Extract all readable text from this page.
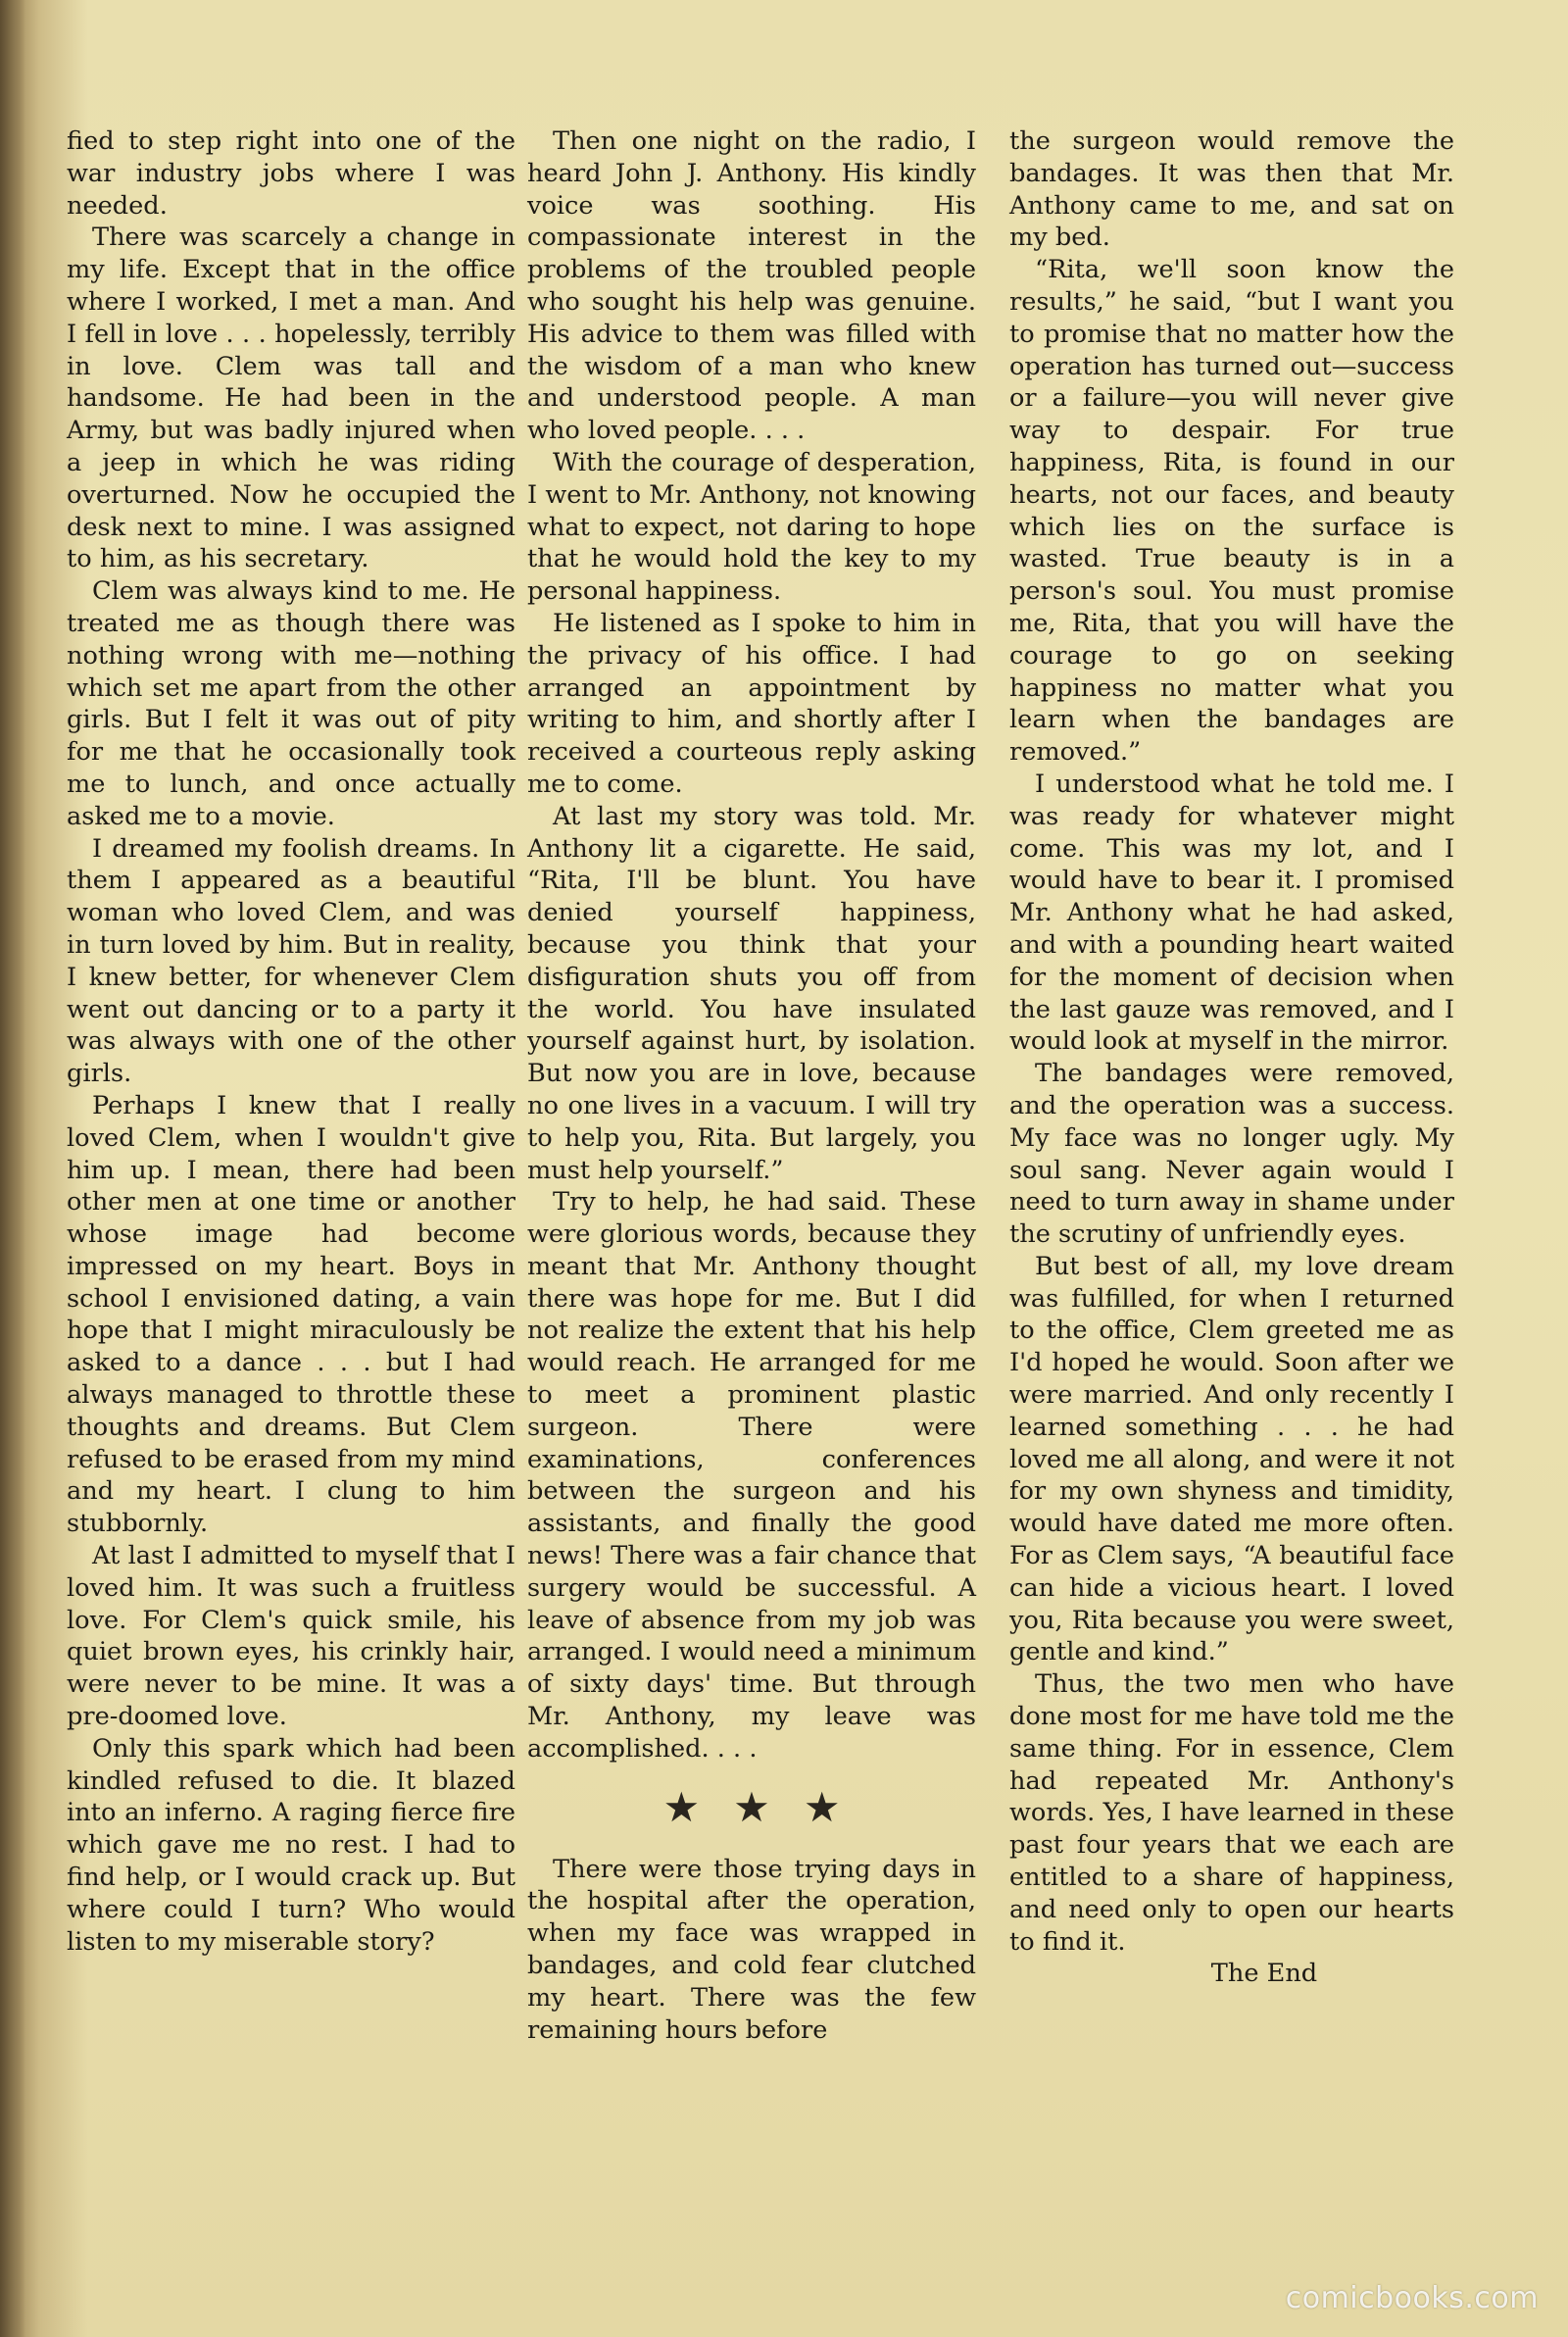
fied to step right into one of the war industry jobs where I was needed.

There was scarcely a change in my life. Except that in the office where I worked, I met a man. And I fell in love . . . hopelessly, terribly in love. Clem was tall and handsome. He had been in the Army, but was badly injured when a jeep in which he was riding overturned. Now he occupied the desk next to mine. I was assigned to him, as his secretary.

Clem was always kind to me. He treated me as though there was nothing wrong with me—nothing which set me apart from the other girls. But I felt it was out of pity for me that he occasionally took me to lunch, and once actually asked me to a movie.

I dreamed my foolish dreams. In them I appeared as a beautiful woman who loved Clem, and was in turn loved by him. But in reality, I knew better, for whenever Clem went out dancing or to a party it was always with one of the other girls.

Perhaps I knew that I really loved Clem, when I wouldn't give him up. I mean, there had been other men at one time or another whose image had become impressed on my heart. Boys in school I envisioned dating, a vain hope that I might miraculously be asked to a dance . . . but I had always managed to throttle these thoughts and dreams. But Clem refused to be erased from my mind and my heart. I clung to him stubbornly.

At last I admitted to myself that I loved him. It was such a fruitless love. For Clem's quick smile, his quiet brown eyes, his crinkly hair, were never to be mine. It was a pre-doomed love.

Only this spark which had been kindled refused to die. It blazed into an inferno. A raging fierce fire which gave me no rest. I had to find help, or I would crack up. But where could I turn? Who would listen to my miserable story?

Then one night on the radio, I heard John J. Anthony. His kindly voice was soothing. His compassionate interest in the problems of the troubled people who sought his help was genuine. His advice to them was filled with the wisdom of a man who knew and understood people. A man who loved people. . . .

With the courage of desperation, I went to Mr. Anthony, not knowing what to expect, not daring to hope that he would hold the key to my personal happiness.

He listened as I spoke to him in the privacy of his office. I had arranged an appointment by writing to him, and shortly after I received a courteous reply asking me to come.

At last my story was told. Mr. Anthony lit a cigarette. He said, “Rita, I'll be blunt. You have denied yourself happiness, because you think that your disfiguration shuts you off from the world. You have insulated yourself against hurt, by isolation. But now you are in love, because no one lives in a vacuum. I will try to help you, Rita. But largely, you must help yourself.”

Try to help, he had said. These were glorious words, because they meant that Mr. Anthony thought there was hope for me. But I did not realize the extent that his help would reach. He arranged for me to meet a prominent plastic surgeon. There were examinations, conferences between the surgeon and his assistants, and finally the good news! There was a fair chance that surgery would be successful. A leave of absence from my job was arranged. I would need a minimum of sixty days' time. But through Mr. Anthony, my leave was accomplished. . . .

★ ★ ★

There were those trying days in the hospital after the operation, when my face was wrapped in bandages, and cold fear clutched my heart. There was the few remaining hours before

the surgeon would remove the bandages. It was then that Mr. Anthony came to me, and sat on my bed.

“Rita, we'll soon know the results,” he said, “but I want you to promise that no matter how the operation has turned out—success or a failure—you will never give way to despair. For true happiness, Rita, is found in our hearts, not our faces, and beauty which lies on the surface is wasted. True beauty is in a person's soul. You must promise me, Rita, that you will have the courage to go on seeking happiness no matter what you learn when the bandages are removed.”

I understood what he told me. I was ready for whatever might come. This was my lot, and I would have to bear it. I promised Mr. Anthony what he had asked, and with a pounding heart waited for the moment of decision when the last gauze was removed, and I would look at myself in the mirror.

The bandages were removed, and the operation was a success. My face was no longer ugly. My soul sang. Never again would I need to turn away in shame under the scrutiny of unfriendly eyes.

But best of all, my love dream was fulfilled, for when I returned to the office, Clem greeted me as I'd hoped he would. Soon after we were married. And only recently I learned something . . . he had loved me all along, and were it not for my own shyness and timidity, would have dated me more often. For as Clem says, “A beautiful face can hide a vicious heart. I loved you, Rita because you were sweet, gentle and kind.”

Thus, the two men who have done most for me have told me the same thing. For in essence, Clem had repeated Mr. Anthony's words. Yes, I have learned in these past four years that we each are entitled to a share of happiness, and need only to open our hearts to find it.

The End

comicbooks.com
